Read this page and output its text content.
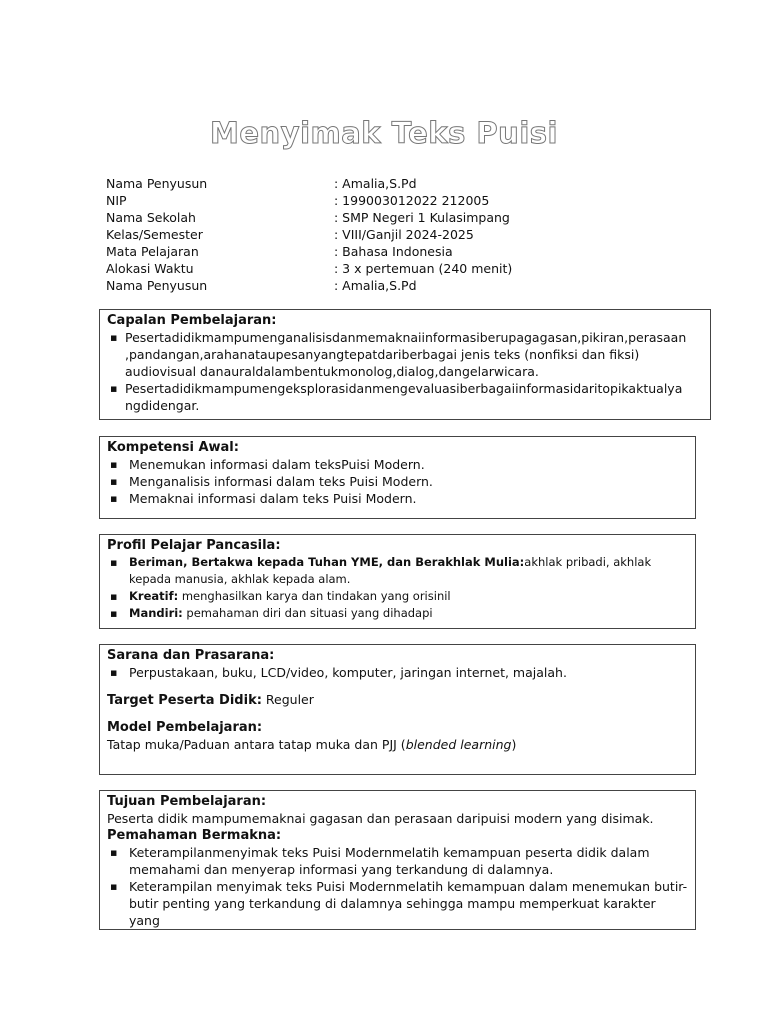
Menyimak Teks Puisi
Nama Penyusun	: Amalia,S.Pd
NIP	: 199003012022 212005
Nama Sekolah	: SMP Negeri 1 Kulasimpang
Kelas/Semester	: VIII/Ganjil 2024-2025
Mata Pelajaran	: Bahasa Indonesia
Alokasi Waktu	: 3 x pertemuan (240 menit)
Nama Penyusun	: Amalia,S.Pd
Capalan Pembelajaran:
▪ Pesertadidikmampumenganalisisdanmemaknaiinformasiberupagagasan,pikiran,perasaan ,pandangan,arahanataupesanyangtepatdariberbagai jenis teks (nonfiksi dan fiksi) audiovisual danauraldalambentukmonolog,dialog,dangelarwicara.
▪ Pesertadidikmampumengeksplorasidanmengevaluasiberbagaiinformasidaritopikaktualya ngdidengar.
Kompetensi Awal:
▪ Menemukan informasi dalam teksPuisi Modern.
▪ Menganalisis informasi dalam teks Puisi Modern.
▪ Memaknai informasi dalam teks Puisi Modern.
Profil Pelajar Pancasila:
▪ Beriman, Bertakwa kepada Tuhan YME, dan Berakhlak Mulia:akhlak pribadi, akhlak kepada manusia, akhlak kepada alam.
▪ Kreatif: menghasilkan karya dan tindakan yang orisinil
▪ Mandiri: pemahaman diri dan situasi yang dihadapi
Sarana dan Prasarana:
▪ Perpustakaan, buku, LCD/video, komputer, jaringan internet, majalah.
Target Peserta Didik: Reguler
Model Pembelajaran:
Tatap muka/Paduan antara tatap muka dan PJJ (blended learning)
Tujuan Pembelajaran:
Peserta didik mampumemaknai gagasan dan perasaan daripuisi modern yang disimak.
Pemahaman Bermakna:
▪ Keterampilanmenyimak teks Puisi Modernmelatih kemampuan peserta didik dalam memahami dan menyerap informasi yang terkandung di dalamnya.
▪ Keterampilan menyimak teks Puisi Modernmelatih kemampuan dalam menemukan butir-butir penting yang terkandung di dalamnya sehingga mampu memperkuat karakter yang
